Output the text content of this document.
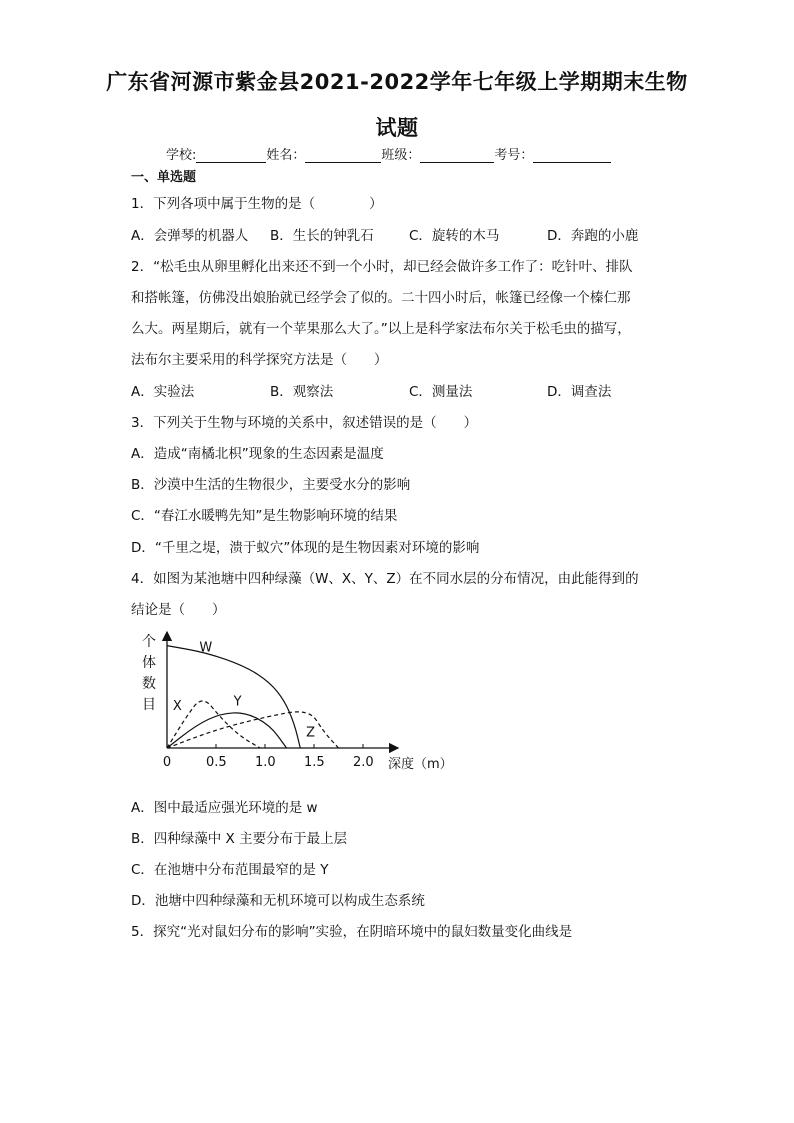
广东省河源市紫金县2021-2022学年七年级上学期期末生物
试题
学校:	姓名：	班级：	考号：
一、单选题
1．下列各项中属于生物的是（　　　　）
A．会弹琴的机器人 B．生长的钟乳石	C．旋转的木马	D．奔跑的小鹿
2．“松毛虫从卵里孵化出来还不到一个小时，却已经会做许多工作了：吃针叶、排队
和搭帐篷，仿佛没出娘胎就已经学会了似的。二十四小时后，帐篷已经像一个榛仁那
么大。两星期后，就有一个苹果那么大了。”以上是科学家法布尔关于松毛虫的描写，
法布尔主要采用的科学探究方法是（　　）
A．实验法	B．观察法	C．测量法	D．调查法
3．下列关于生物与环境的关系中，叙述错误的是（　　）
A．造成“南橘北枳”现象的生态因素是温度
B．沙漠中生活的生物很少，主要受水分的影响
C．“春江水暖鸭先知”是生物影响环境的结果
D．“千里之堤，溃于蚁穴”体现的是生物因素对环境的影响
4．如图为某池塘中四种绿藻（W、X、Y、Z）在不同水层的分布情况，由此能得到的
结论是（　　）
个
体
数
目
0	0.5 1.0 1.5 2.0 深度（m）
W
X	Y
Z
A．图中最适应强光环境的是 w
B．四种绿藻中 X 主要分布于最上层
C．在池塘中分布范围最窄的是 Y
D．池塘中四种绿藻和无机环境可以构成生态系统
5．探究“光对鼠妇分布的影响”实验，在阴暗环境中的鼠妇数量变化曲线是
